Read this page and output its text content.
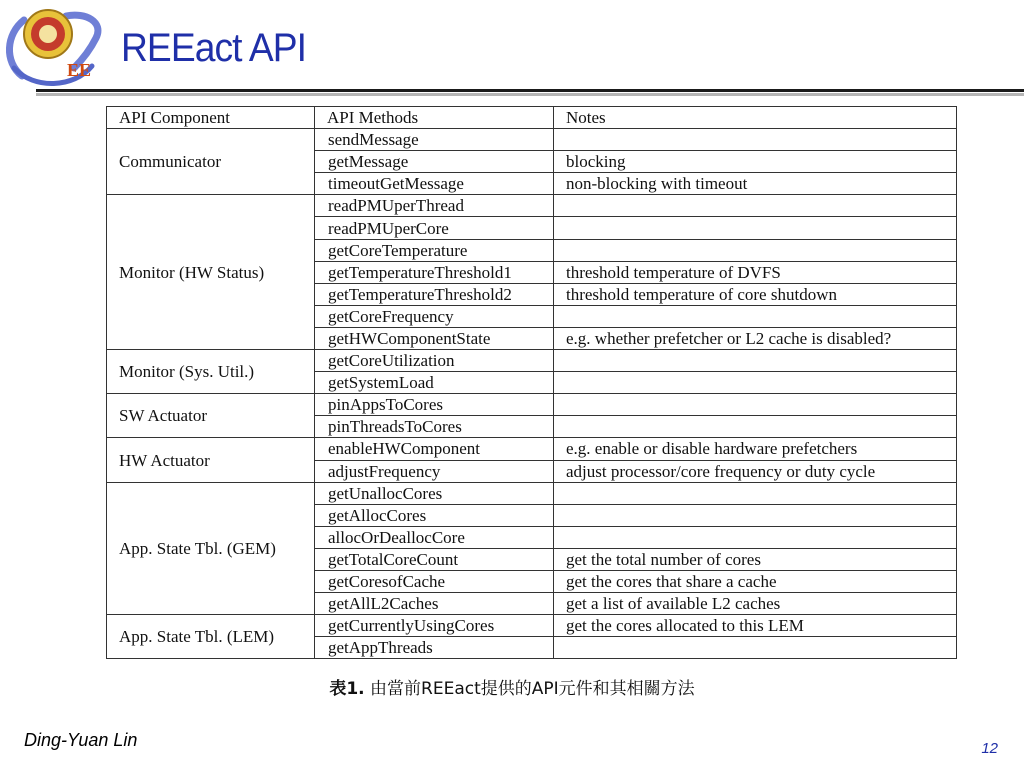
EE REEact API
API Component	API Methods	Notes
Communicator	sendMessage	
	getMessage	blocking
	timeoutGetMessage	non-blocking with timeout
Monitor (HW Status)	readPMUperThread	
	readPMUperCore	
	getCoreTemperature	
	getTemperatureThreshold1	threshold temperature of DVFS
	getTemperatureThreshold2	threshold temperature of core shutdown
	getCoreFrequency	
	getHWComponentState	e.g. whether prefetcher or L2 cache is disabled?
Monitor (Sys. Util.)	getCoreUtilization	
	getSystemLoad	
SW Actuator	pinAppsToCores	
	pinThreadsToCores	
HW Actuator	enableHWComponent	e.g. enable or disable hardware prefetchers
	adjustFrequency	adjust processor/core frequency or duty cycle
App. State Tbl. (GEM)	getUnallocCores	
	getAllocCores	
	allocOrDeallocCore	
	getTotalCoreCount	get the total number of cores
	getCoresofCache	get the cores that share a cache
	getAllL2Caches	get a list of available L2 caches
App. State Tbl. (LEM)	getCurrentlyUsingCores	get the cores allocated to this LEM
	getAppThreads	
表1. 由當前REEact提供的API元件和其相關方法
Ding-Yuan Lin	12
